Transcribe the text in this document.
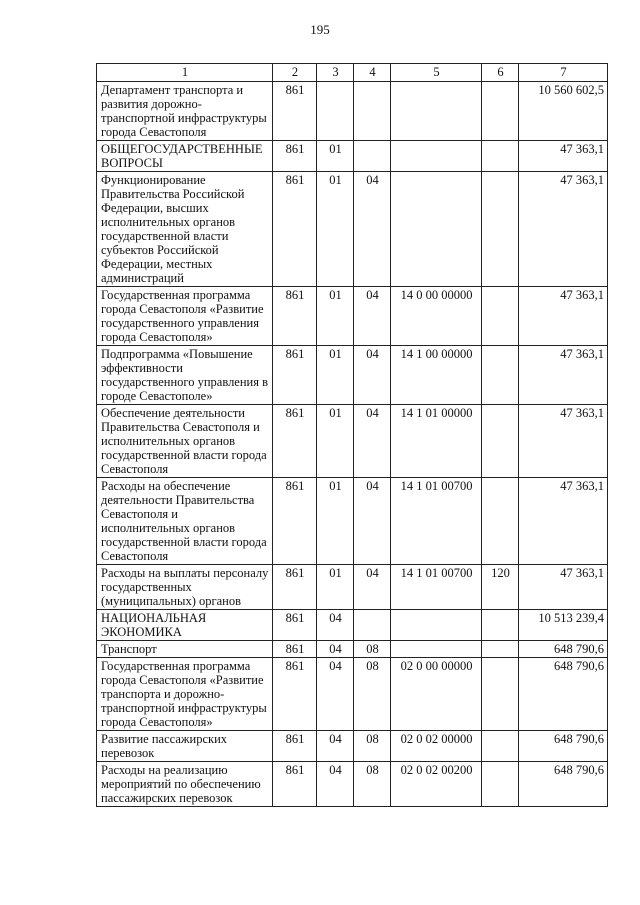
195
1	2	3	4	5	6	7
Департамент транспорта и развития дорожно-транспортной инфраструктуры города Севастополя	861					10 560 602,5
ОБЩЕГОСУДАРСТВЕННЫЕ ВОПРОСЫ	861	01				47 363,1
Функционирование Правительства Российской Федерации, высших исполнительных органов государственной власти субъектов Российской Федерации, местных администраций	861	01	04			47 363,1
Государственная программа города Севастополя «Развитие государственного управления города Севастополя»	861	01	04	14 0 00 00000		47 363,1
Подпрограмма «Повышение эффективности государственного управления в городе Севастополе»	861	01	04	14 1 00 00000		47 363,1
Обеспечение деятельности Правительства Севастополя и исполнительных органов государственной власти города Севастополя	861	01	04	14 1 01 00000		47 363,1
Расходы на обеспечение деятельности Правительства Севастополя и исполнительных органов государственной власти города Севастополя	861	01	04	14 1 01 00700		47 363,1
Расходы на выплаты персоналу государственных (муниципальных) органов	861	01	04	14 1 01 00700	120	47 363,1
НАЦИОНАЛЬНАЯ ЭКОНОМИКА	861	04				10 513 239,4
Транспорт	861	04	08			648 790,6
Государственная программа города Севастополя «Развитие транспорта и дорожно-транспортной инфраструктуры города Севастополя»	861	04	08	02 0 00 00000		648 790,6
Развитие пассажирских перевозок	861	04	08	02 0 02 00000		648 790,6
Расходы на реализацию мероприятий по обеспечению пассажирских перевозок	861	04	08	02 0 02 00200		648 790,6
